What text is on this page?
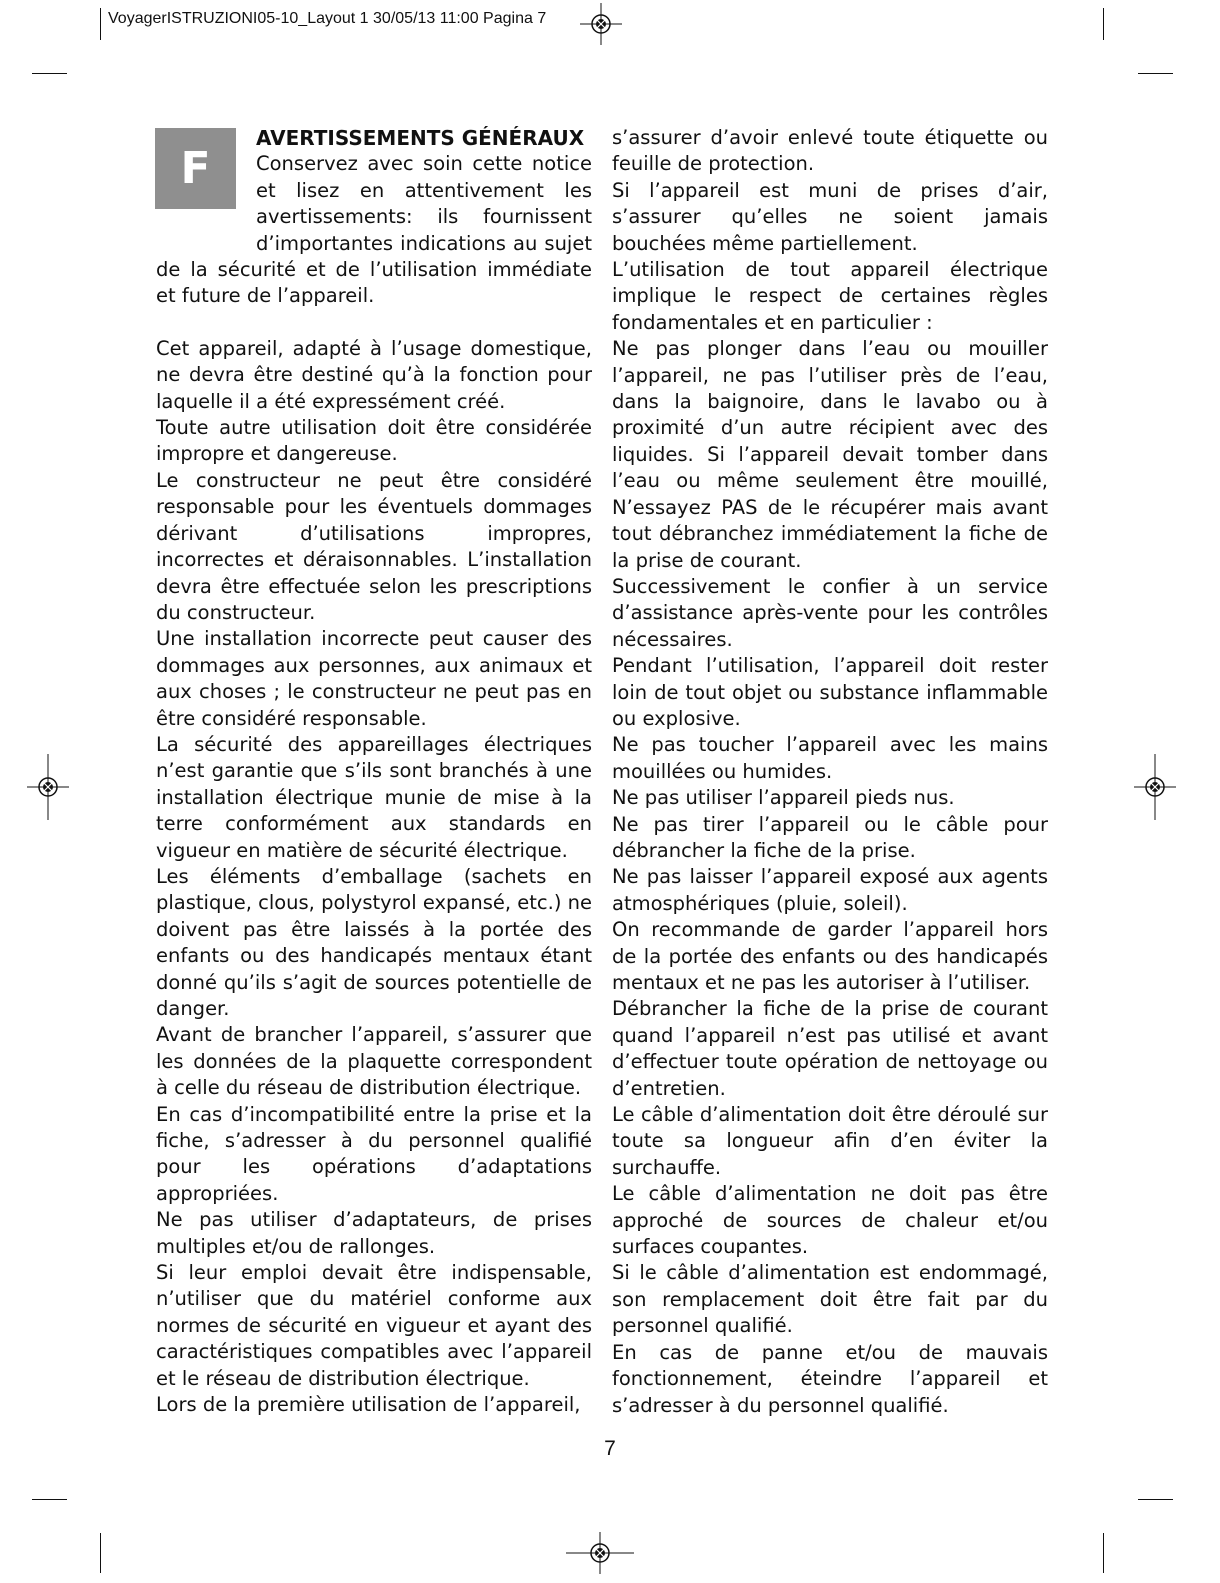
VoyagerISTRUZIONI05-10_Layout 1 30/05/13 11:00 Pagina 7
F
AVERTISSEMENTS GÉNÉRAUX

Conservez avec soin cette notice et lisez en attentivement les avertissements: ils fournissent d’importantes indications au sujet de la sécurité et de l’utilisation immédiate et future de l’appareil.

Cet appareil, adapté à l’usage domestique, ne devra être destiné qu’à la fonction pour laquelle il a été expressément créé.

Toute autre utilisation doit être considérée impropre et dangereuse.

Le constructeur ne peut être considéré responsable pour les éventuels dommages dérivant d’utilisations impropres, incorrectes et déraisonnables. L’installation devra être effectuée selon les prescriptions du constructeur.

Une installation incorrecte peut causer des dommages aux personnes, aux animaux et aux choses ; le constructeur ne peut pas en être considéré responsable.

La sécurité des appareillages électriques n’est garantie que s’ils sont branchés à une installation électrique munie de mise à la terre conformément aux standards en vigueur en matière de sécurité électrique.

Les éléments d’emballage (sachets en plastique, clous, polystyrol expansé, etc.) ne doivent pas être laissés à la portée des enfants ou des handicapés mentaux étant donné qu’ils s’agit de sources potentielle de danger.

Avant de brancher l’appareil, s’assurer que les données de la plaquette correspondent à celle du réseau de distribution électrique.

En cas d’incompatibilité entre la prise et la fiche, s’adresser à du personnel qualifié pour les opérations d’adaptations appropriées.

Ne pas utiliser d’adaptateurs, de prises multiples et/ou de rallonges.

Si leur emploi devait être indispensable, n’utiliser que du matériel conforme aux normes de sécurité en vigueur et ayant des caractéristiques compatibles avec l’appareil et le réseau de distribution électrique.

Lors de la première utilisation de l’appareil,

s’assurer d’avoir enlevé toute étiquette ou feuille de protection.

Si l’appareil est muni de prises d’air, s’assurer qu’elles ne soient jamais bouchées même partiellement.

L’utilisation de tout appareil électrique implique le respect de certaines règles fondamentales et en particulier :

Ne pas plonger dans l’eau ou mouiller l’appareil, ne pas l’utiliser près de l’eau, dans la baignoire, dans le lavabo ou à proximité d’un autre récipient avec des liquides. Si l’appareil devait tomber dans l’eau ou même seulement être mouillé, N’essayez PAS de le récupérer mais avant tout débranchez immédiatement la fiche de la prise de courant.

Successivement le confier à un service d’assistance après-vente pour les contrôles nécessaires.

Pendant l’utilisation, l’appareil doit rester loin de tout objet ou substance inflammable ou explosive.

Ne pas toucher l’appareil avec les mains mouillées ou humides.

Ne pas utiliser l’appareil pieds nus.

Ne pas tirer l’appareil ou le câble pour débrancher la fiche de la prise.

Ne pas laisser l’appareil exposé aux agents atmosphériques (pluie, soleil).

On recommande de garder l’appareil hors de la portée des enfants ou des handicapés mentaux et ne pas les autoriser à l’utiliser.

Débrancher la fiche de la prise de courant quand l’appareil n’est pas utilisé et avant d’effectuer toute opération de nettoyage ou d’entretien.

Le câble d’alimentation doit être déroulé sur toute sa longueur afin d’en éviter la surchauffe.

Le câble d’alimentation ne doit pas être approché de sources de chaleur et/ou surfaces coupantes.

Si le câble d’alimentation est endommagé, son remplacement doit être fait par du personnel qualifié.

En cas de panne et/ou de mauvais fonctionnement, éteindre l’appareil et s’adresser à du personnel qualifié.

7
